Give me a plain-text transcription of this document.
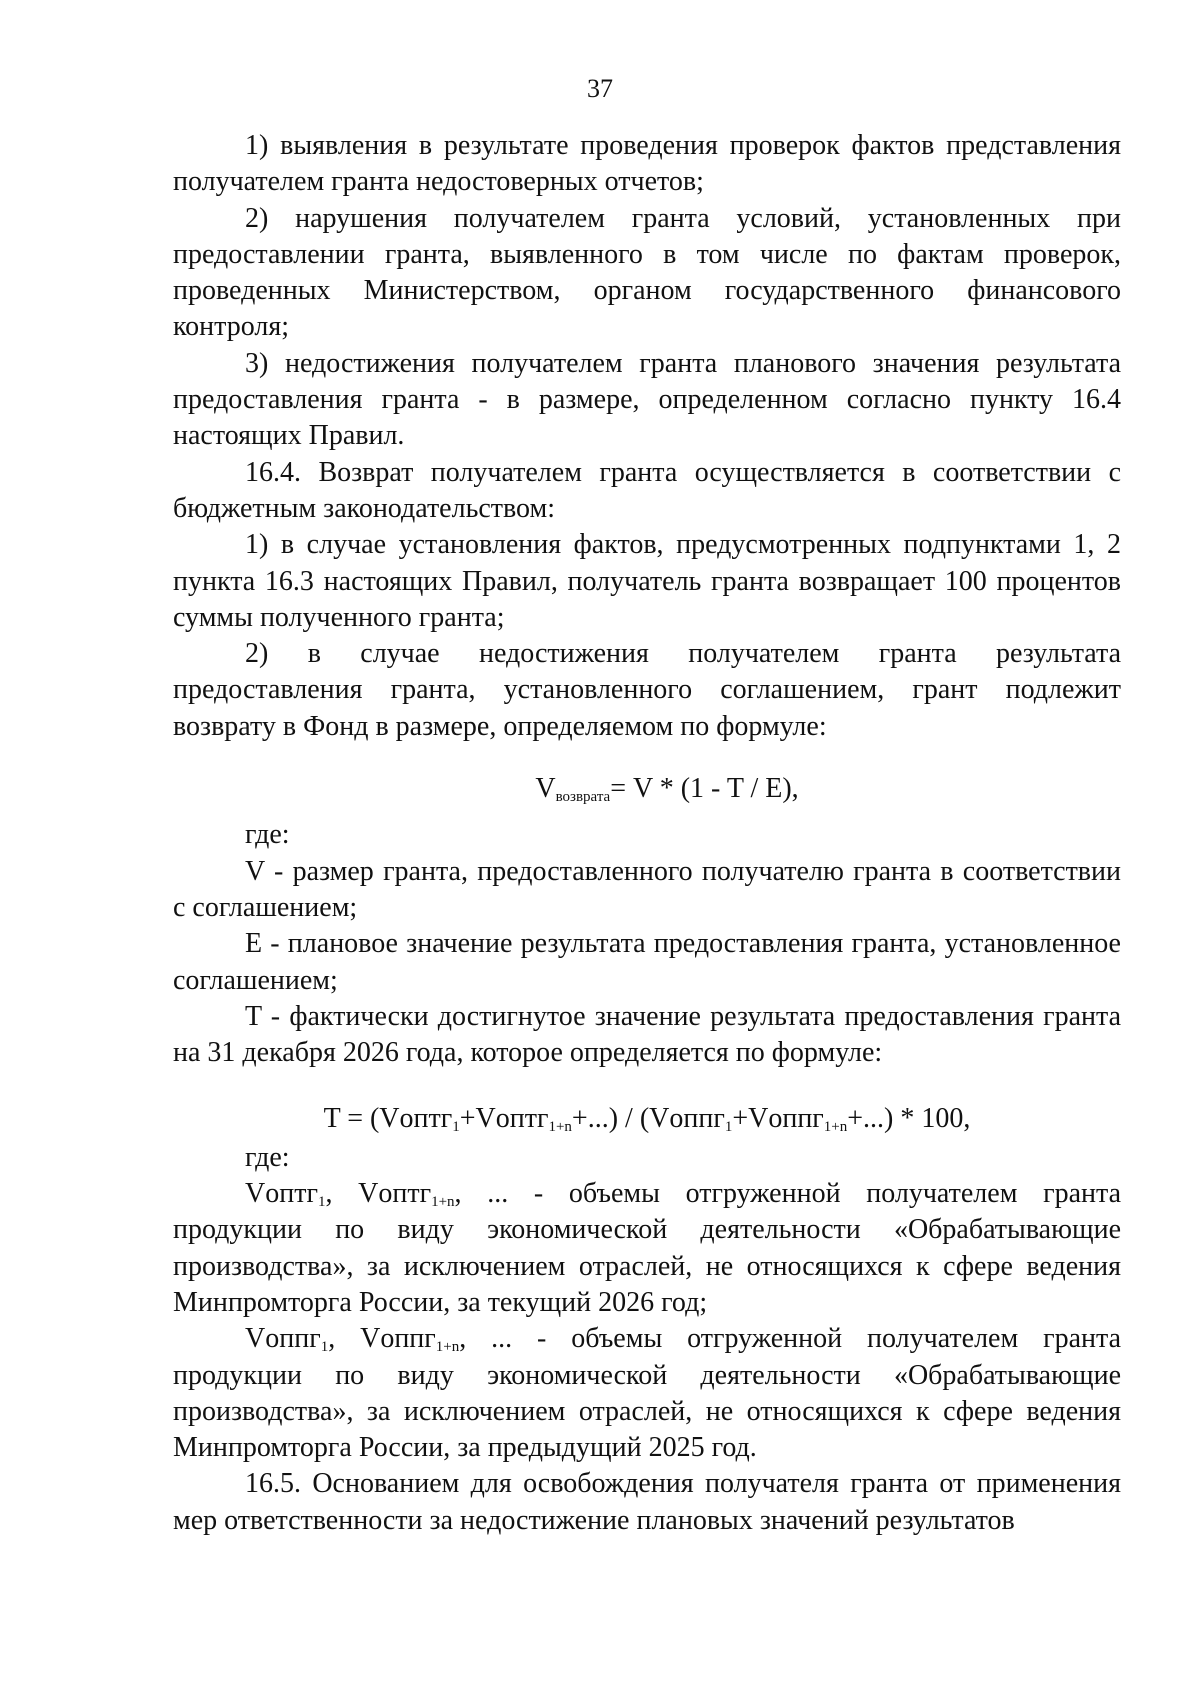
37

1) выявления в результате проведения проверок фактов представления получателем гранта недостоверных отчетов;

2) нарушения получателем гранта условий, установленных при предоставлении гранта, выявленного в том числе по фактам проверок, проведенных Министерством, органом государственного финансового контроля;

3) недостижения получателем гранта планового значения результата предоставления гранта - в размере, определенном согласно пункту 16.4 настоящих Правил.

16.4. Возврат получателем гранта осуществляется в соответствии с бюджетным законодательством:

1) в случае установления фактов, предусмотренных подпунктами 1, 2 пункта 16.3 настоящих Правил, получатель гранта возвращает 100 процентов суммы полученного гранта;

2) в случае недостижения получателем гранта результата предоставления гранта, установленного соглашением, грант подлежит возврату в Фонд в размере, определяемом по формуле:

$V_{возврата}= V * (1 - T / E)$,

где:

V - размер гранта, предоставленного получателю гранта в соответствии с соглашением;

E - плановое значение результата предоставления гранта, установленное соглашением;

T - фактически достигнутое значение результата предоставления гранта на 31 декабря 2026 года, которое определяется по формуле:

T = (Vоптг$_1$+Vоптг$_{1+n}$+...) / (Vоппг$_1$+Vоппг$_{1+n}$+...) * 100,

где:

Vоптг$_1$, Vоптг$_{1+n}$, ... - объемы отгруженной получателем гранта продукции по виду экономической деятельности «Обрабатывающие производства», за исключением отраслей, не относящихся к сфере ведения Минпромторга России, за текущий 2026 год;

Vоппг$_1$, Vоппг$_{1+n}$, ... - объемы отгруженной получателем гранта продукции по виду экономической деятельности «Обрабатывающие производства», за исключением отраслей, не относящихся к сфере ведения Минпромторга России, за предыдущий 2025 год.

16.5. Основанием для освобождения получателя гранта от применения мер ответственности за недостижение плановых значений результатов
